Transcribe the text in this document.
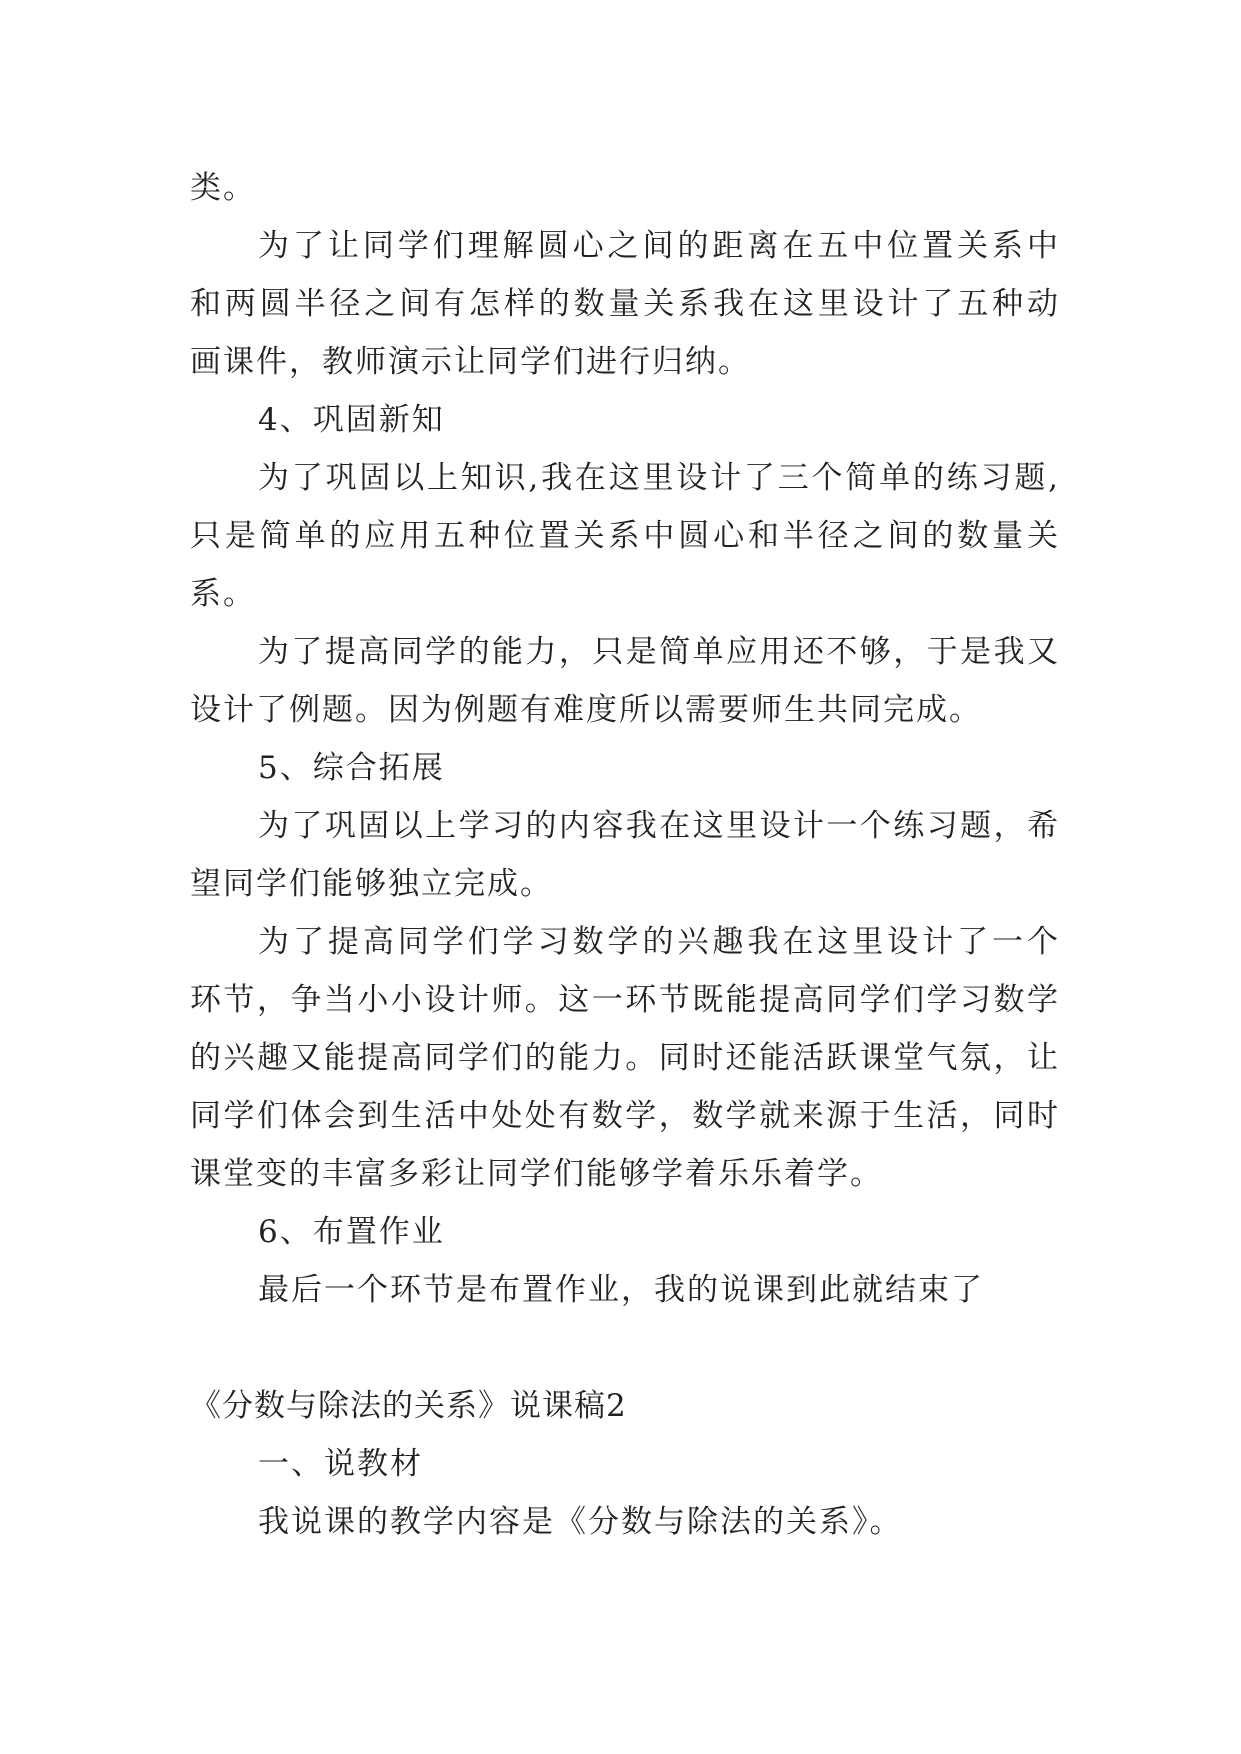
类。
为了让同学们理解圆心之间的距离在五中位置关系中
和两圆半径之间有怎样的数量关系我在这里设计了五种动
画课件，教师演示让同学们进行归纳。
4、巩固新知
为了巩固以上知识,我在这里设计了三个简单的练习题,
只是简单的应用五种位置关系中圆心和半径之间的数量关
系。
为了提高同学的能力，只是简单应用还不够，于是我又
设计了例题。因为例题有难度所以需要师生共同完成。
5、综合拓展
为了巩固以上学习的内容我在这里设计一个练习题，希
望同学们能够独立完成。
为了提高同学们学习数学的兴趣我在这里设计了一个
环节，争当小小设计师。这一环节既能提高同学们学习数学
的兴趣又能提高同学们的能力。同时还能活跃课堂气氛，让
同学们体会到生活中处处有数学，数学就来源于生活，同时
课堂变的丰富多彩让同学们能够学着乐乐着学。
6、布置作业
最后一个环节是布置作业，我的说课到此就结束了
《分数与除法的关系》说课稿2
一、说教材
我说课的教学内容是《分数与除法的关系》。
